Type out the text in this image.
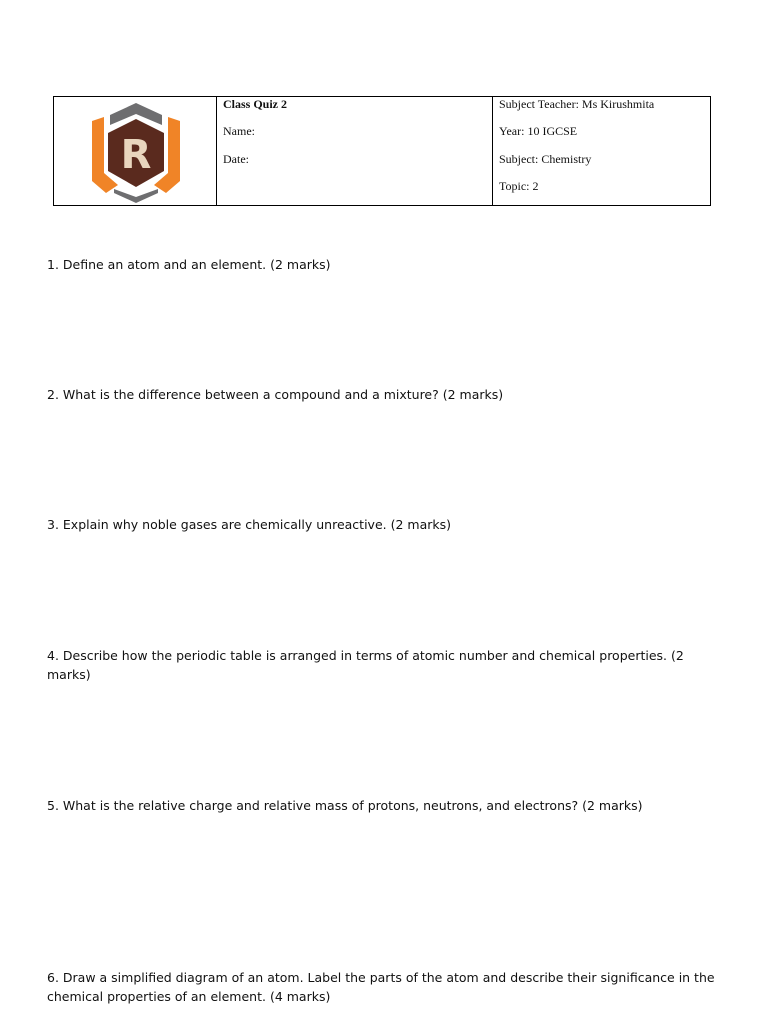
R

Class Quiz 2
Name:
Date:

Subject Teacher: Ms Kirushmita
Year: 10 IGCSE
Subject: Chemistry
Topic: 2

1. Define an atom and an element. (2 marks)

2. What is the difference between a compound and a mixture? (2 marks)

3. Explain why noble gases are chemically unreactive. (2 marks)

4. Describe how the periodic table is arranged in terms of atomic number and chemical properties. (2 marks)

5. What is the relative charge and relative mass of protons, neutrons, and electrons? (2 marks)

6. Draw a simplified diagram of an atom. Label the parts of the atom and describe their significance in the chemical properties of an element. (4 marks)
